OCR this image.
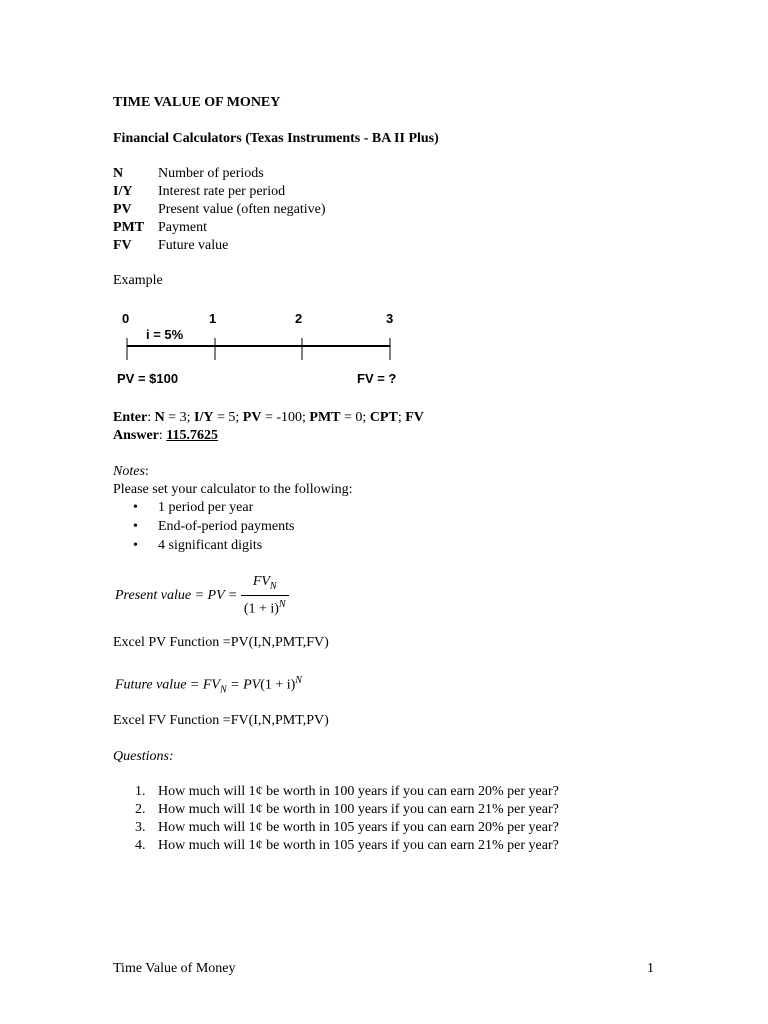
TIME VALUE OF MONEY
Financial Calculators (Texas Instruments - BA II Plus)
N Number of periods
I/Y Interest rate per period
PV Present value (often negative)
PMT Payment
FV Future value
Example
0	1	2	3
i = 5%
PV = $100	FV = ?
Enter: N = 3; I/Y = 5; PV = -100; PMT = 0; CPT; FV
Answer: 115.7625
Notes:
Please set your calculator to the following:
• 1 period per year
• End-of-period payments
• 4 significant digits
Present value = PV = $\frac{FV_N}{(1 + i)^N}$
Excel PV Function =PV(I,N,PMT,FV)
Future value = $FV_N = PV(1 + i)^N$
Excel FV Function =FV(I,N,PMT,PV)
Questions:
1. How much will 1¢ be worth in 100 years if you can earn 20% per year?
2. How much will 1¢ be worth in 100 years if you can earn 21% per year?
3. How much will 1¢ be worth in 105 years if you can earn 20% per year?
4. How much will 1¢ be worth in 105 years if you can earn 21% per year?
Time Value of Money	1
